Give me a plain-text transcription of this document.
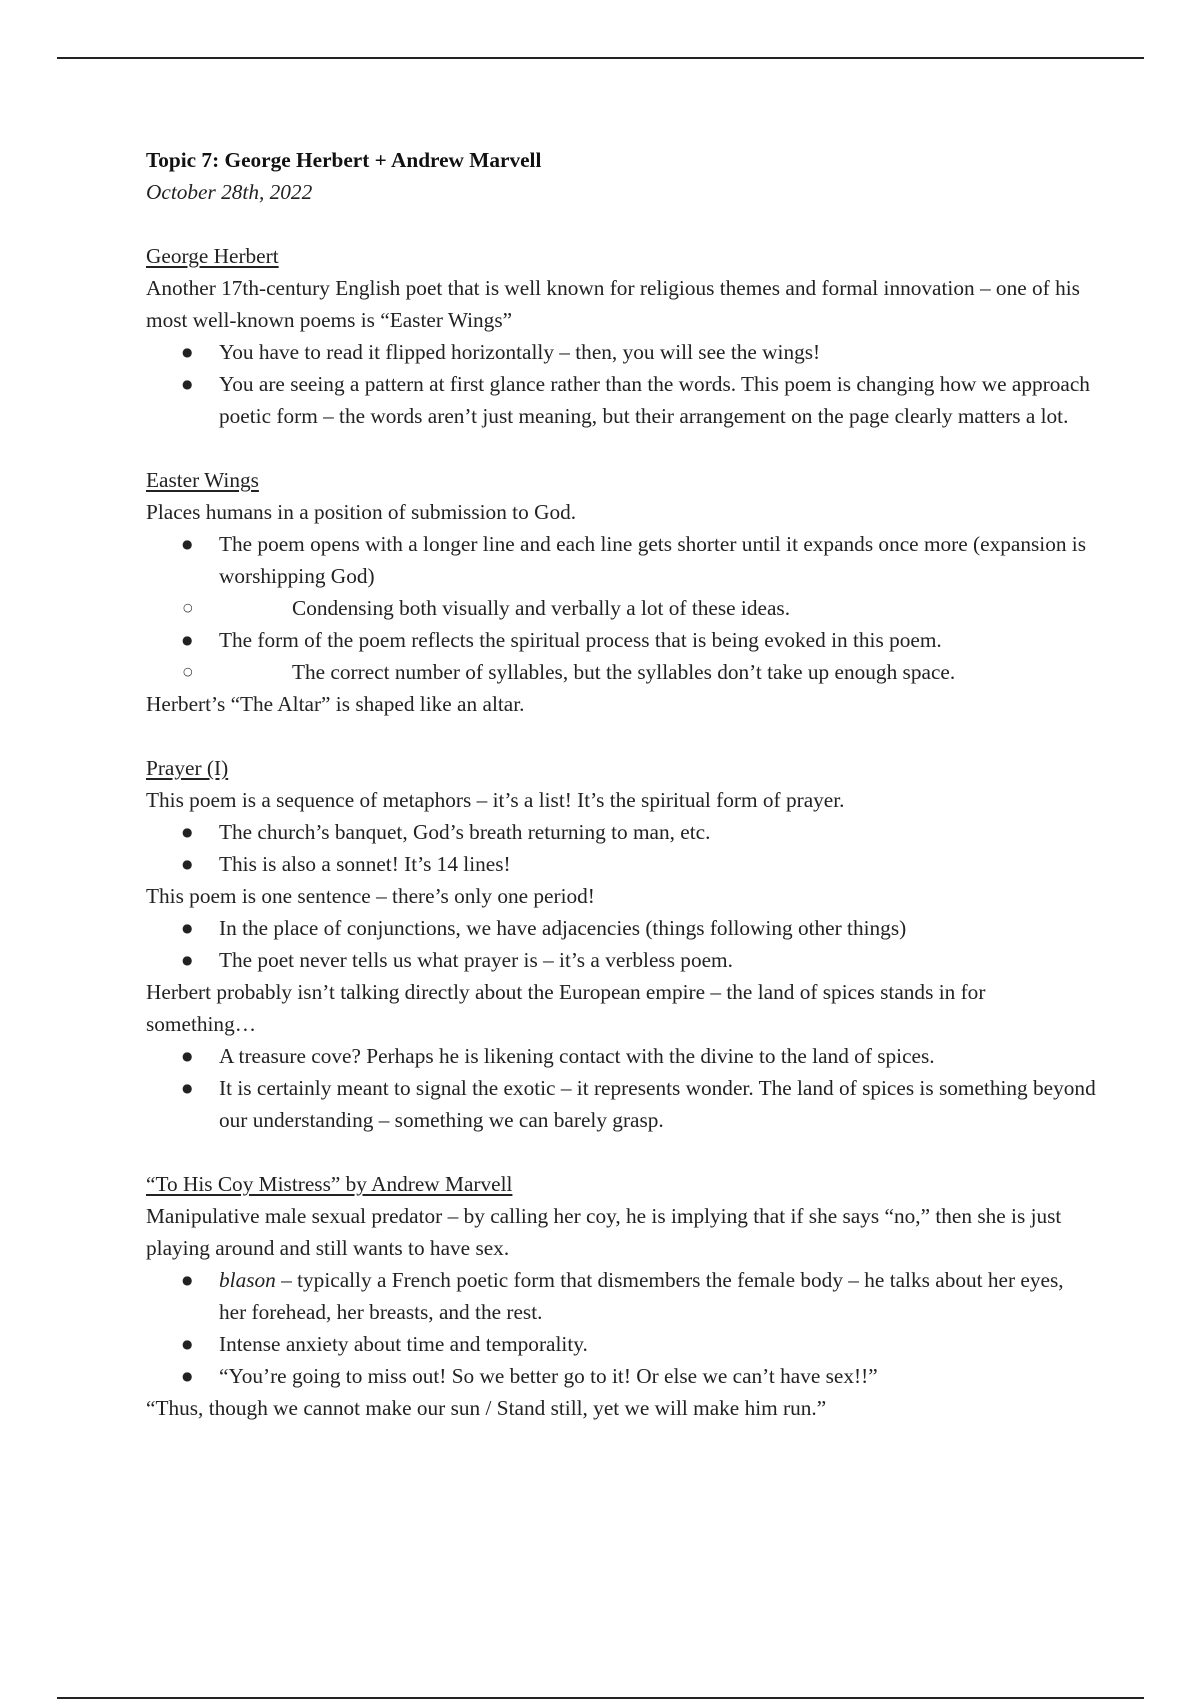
Topic 7: George Herbert + Andrew Marvell

October 28th, 2022

George Herbert

Another 17th-century English poet that is well known for religious themes and formal innovation – one of his most well-known poems is “Easter Wings”

● You have to read it flipped horizontally – then, you will see the wings!
● You are seeing a pattern at first glance rather than the words. This poem is changing how we approach poetic form – the words aren’t just meaning, but their arrangement on the page clearly matters a lot.

Easter Wings

Places humans in a position of submission to God.

● The poem opens with a longer line and each line gets shorter until it expands once more (expansion is worshipping God)
○ Condensing both visually and verbally a lot of these ideas.
● The form of the poem reflects the spiritual process that is being evoked in this poem.
○ The correct number of syllables, but the syllables don’t take up enough space.

Herbert’s “The Altar” is shaped like an altar.

Prayer (I)

This poem is a sequence of metaphors – it’s a list! It’s the spiritual form of prayer.

● The church’s banquet, God’s breath returning to man, etc.
● This is also a sonnet! It’s 14 lines!

This poem is one sentence – there’s only one period!

● In the place of conjunctions, we have adjacencies (things following other things)
● The poet never tells us what prayer is – it’s a verbless poem.

Herbert probably isn’t talking directly about the European empire – the land of spices stands in for something…

● A treasure cove? Perhaps he is likening contact with the divine to the land of spices.
● It is certainly meant to signal the exotic – it represents wonder. The land of spices is something beyond our understanding – something we can barely grasp.

“To His Coy Mistress” by Andrew Marvell

Manipulative male sexual predator – by calling her coy, he is implying that if she says “no,” then she is just playing around and still wants to have sex.

● blason – typically a French poetic form that dismembers the female body – he talks about her eyes, her forehead, her breasts, and the rest.
● Intense anxiety about time and temporality.
● “You’re going to miss out! So we better go to it! Or else we can’t have sex!!”

“Thus, though we cannot make our sun / Stand still, yet we will make him run.”
